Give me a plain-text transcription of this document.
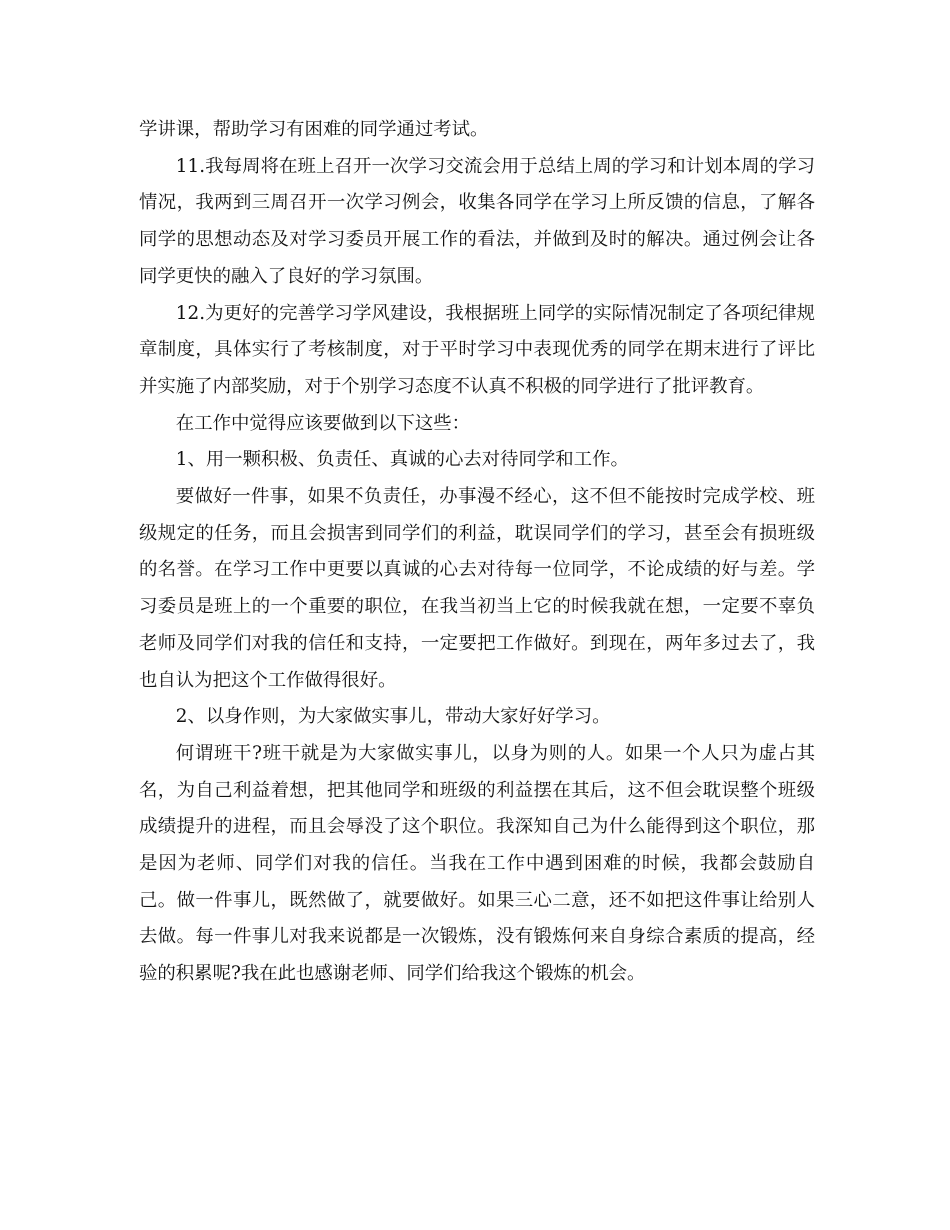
学讲课，帮助学习有困难的同学通过考试。

11.我每周将在班上召开一次学习交流会用于总结上周的学习和计划本周的学习情况，我两到三周召开一次学习例会，收集各同学在学习上所反馈的信息，了解各同学的思想动态及对学习委员开展工作的看法，并做到及时的解决。通过例会让各同学更快的融入了良好的学习氛围。

12.为更好的完善学习学风建设，我根据班上同学的实际情况制定了各项纪律规章制度，具体实行了考核制度，对于平时学习中表现优秀的同学在期末进行了评比并实施了内部奖励，对于个别学习态度不认真不积极的同学进行了批评教育。

在工作中觉得应该要做到以下这些：

1、用一颗积极、负责任、真诚的心去对待同学和工作。

要做好一件事，如果不负责任，办事漫不经心，这不但不能按时完成学校、班级规定的任务，而且会损害到同学们的利益，耽误同学们的学习，甚至会有损班级的名誉。在学习工作中更要以真诚的心去对待每一位同学，不论成绩的好与差。学习委员是班上的一个重要的职位，在我当初当上它的时候我就在想，一定要不辜负老师及同学们对我的信任和支持，一定要把工作做好。到现在，两年多过去了，我也自认为把这个工作做得很好。

2、以身作则，为大家做实事儿，带动大家好好学习。

何谓班干?班干就是为大家做实事儿，以身为则的人。如果一个人只为虚占其名，为自己利益着想，把其他同学和班级的利益摆在其后，这不但会耽误整个班级成绩提升的进程，而且会辱没了这个职位。我深知自己为什么能得到这个职位，那是因为老师、同学们对我的信任。当我在工作中遇到困难的时候，我都会鼓励自己。做一件事儿，既然做了，就要做好。如果三心二意，还不如把这件事让给别人去做。每一件事儿对我来说都是一次锻炼，没有锻炼何来自身综合素质的提高，经验的积累呢?我在此也感谢老师、同学们给我这个锻炼的机会。
